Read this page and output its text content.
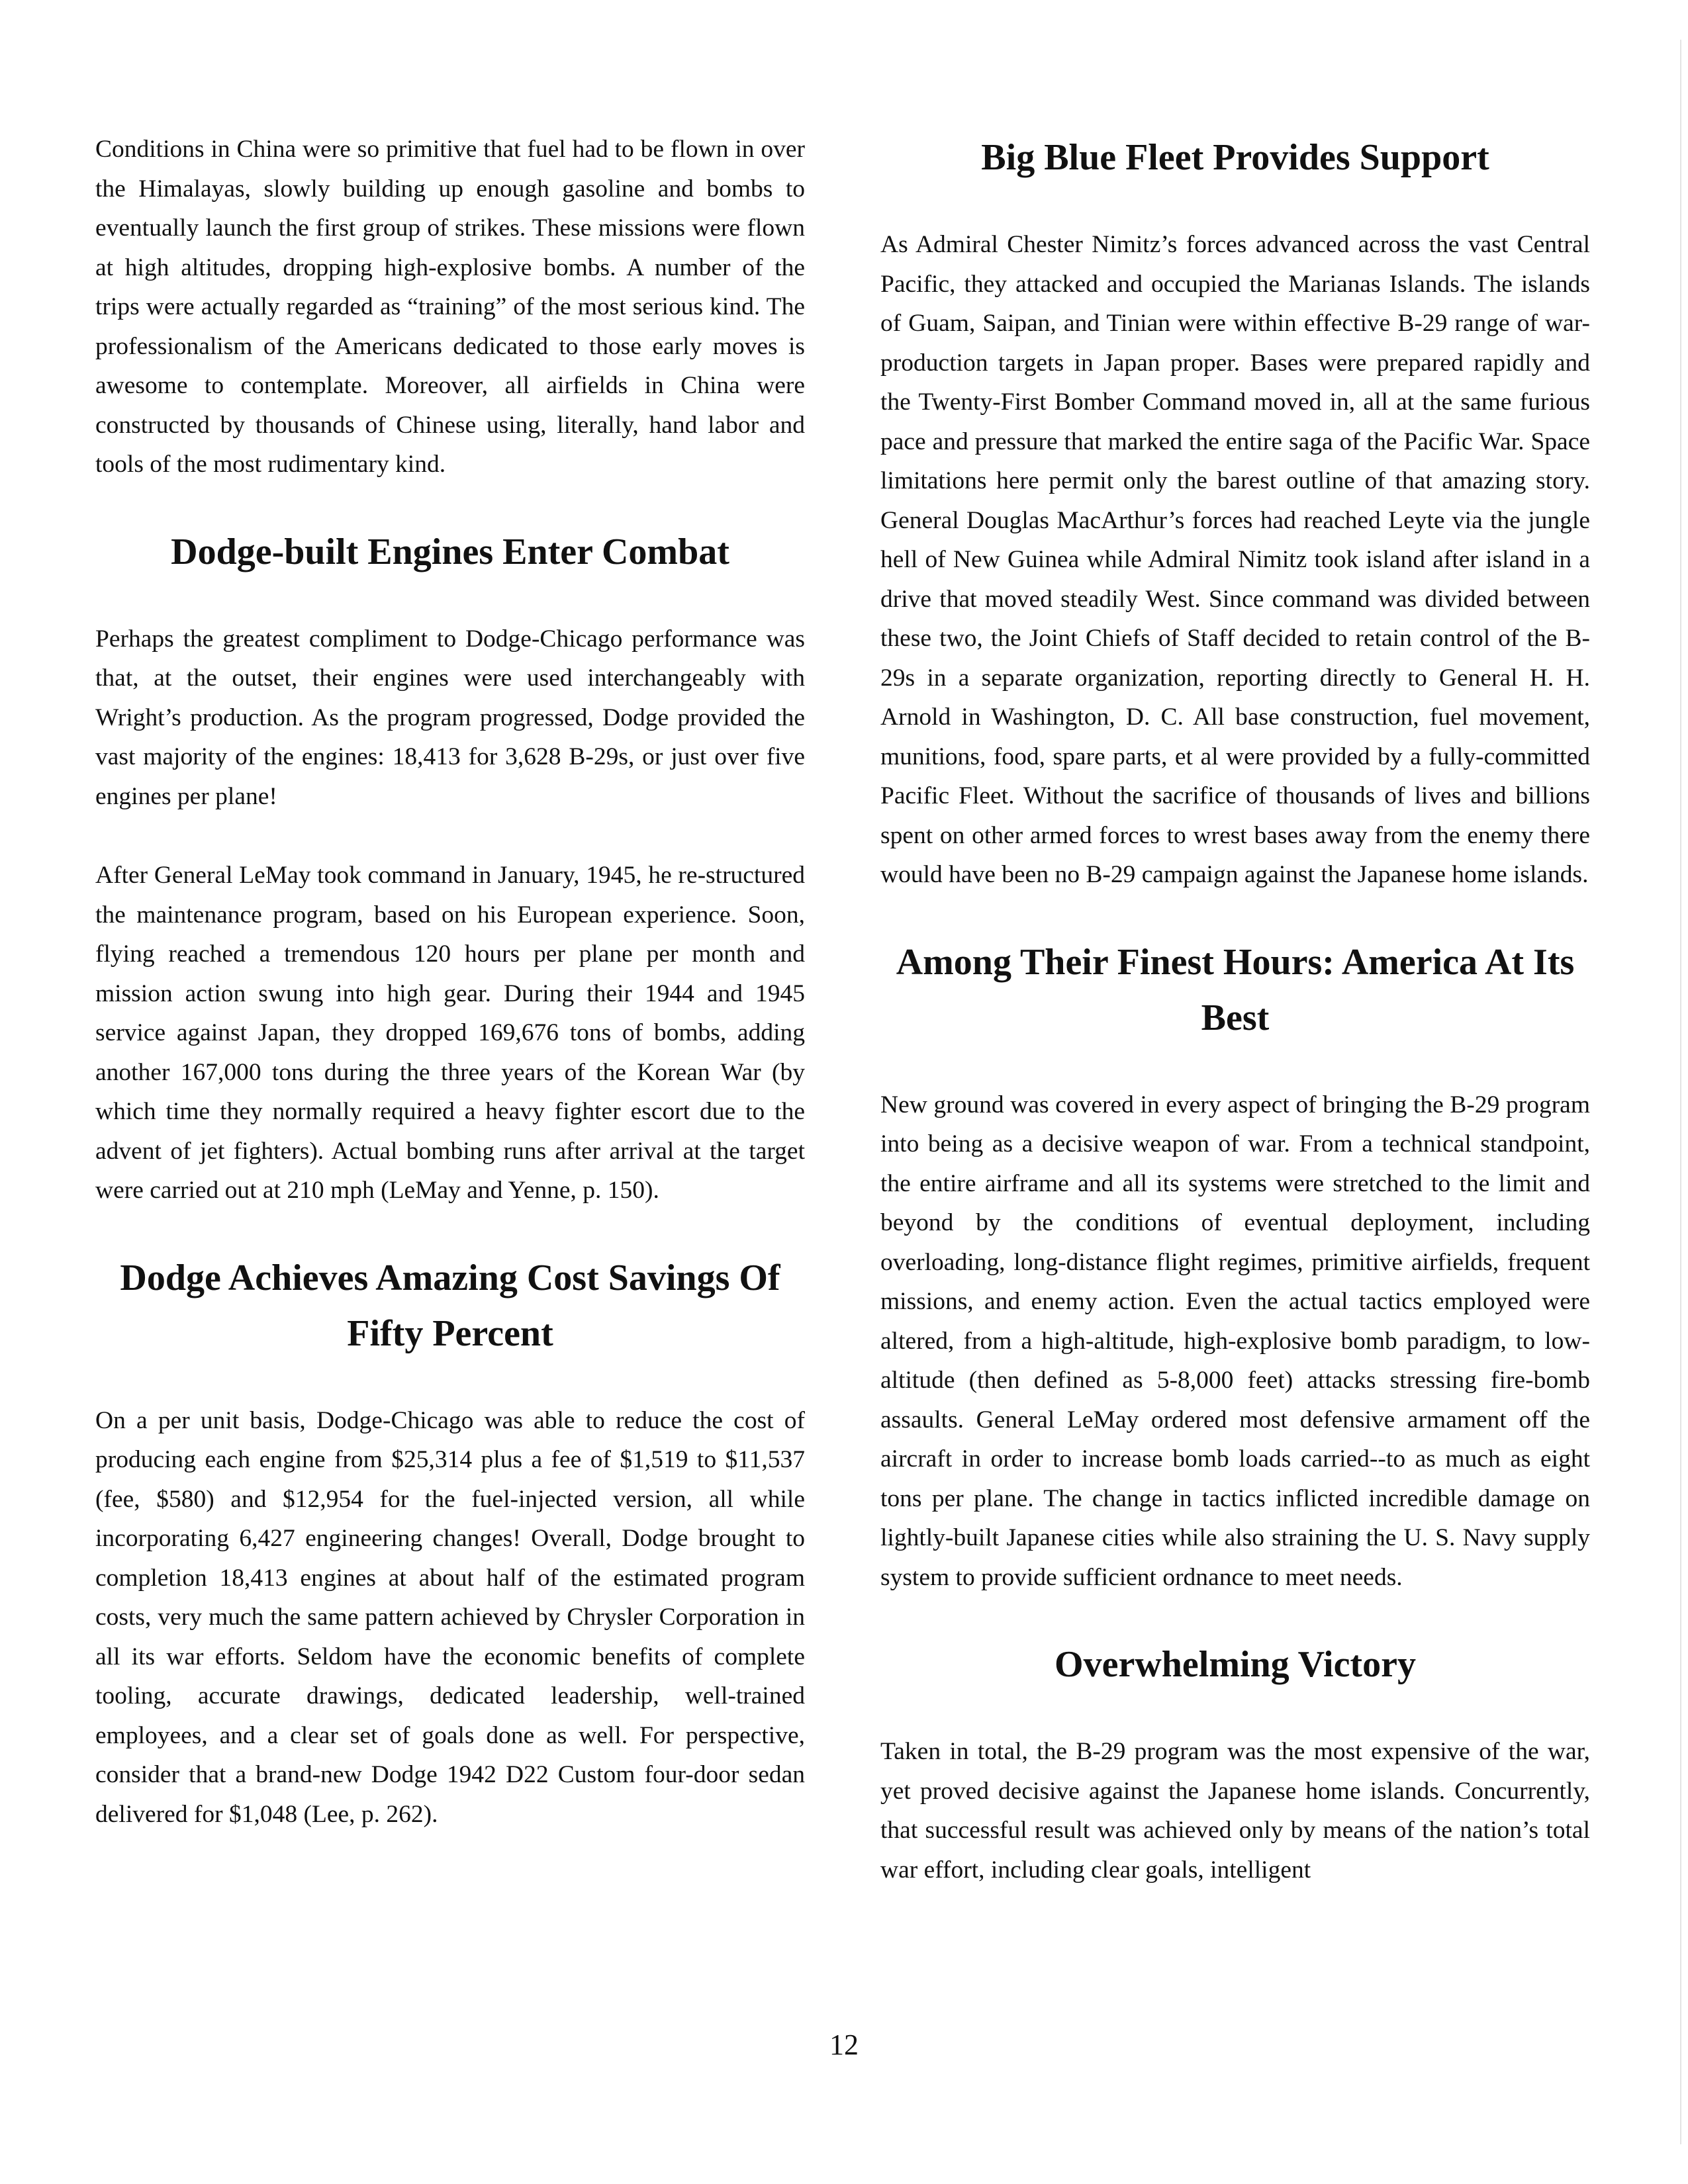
Conditions in China were so primitive that fuel had to be flown in over the Himalayas, slowly building up enough gasoline and bombs to eventually launch the first group of strikes. These missions were flown at high altitudes, dropping high-explosive bombs. A number of the trips were actually regarded as “training” of the most serious kind. The professionalism of the Americans dedicated to those early moves is awesome to contemplate. Moreover, all airfields in China were constructed by thousands of Chinese using, literally, hand labor and tools of the most rudimentary kind.

Dodge-built Engines Enter Combat

Perhaps the greatest compliment to Dodge-Chicago performance was that, at the outset, their engines were used interchangeably with Wright’s production. As the program progressed, Dodge provided the vast majority of the engines: 18,413 for 3,628 B-29s, or just over five engines per plane!

After General LeMay took command in January, 1945, he re-structured the maintenance program, based on his European experience. Soon, flying reached a tremendous 120 hours per plane per month and mission action swung into high gear. During their 1944 and 1945 service against Japan, they dropped 169,676 tons of bombs, adding another 167,000 tons during the three years of the Korean War (by which time they normally required a heavy fighter escort due to the advent of jet fighters). Actual bombing runs after arrival at the target were carried out at 210 mph (LeMay and Yenne, p. 150).

Dodge Achieves Amazing Cost Savings Of Fifty Percent

On a per unit basis, Dodge-Chicago was able to reduce the cost of producing each engine from $25,314 plus a fee of $1,519 to $11,537 (fee, $580) and $12,954 for the fuel-injected version, all while incorporating 6,427 engineering changes! Overall, Dodge brought to completion 18,413 engines at about half of the estimated program costs, very much the same pattern achieved by Chrysler Corporation in all its war efforts. Seldom have the economic benefits of complete tooling, accurate drawings, dedicated leadership, well-trained employees, and a clear set of goals done as well. For perspective, consider that a brand-new Dodge 1942 D22 Custom four-door sedan delivered for $1,048 (Lee, p. 262).

Big Blue Fleet Provides Support

As Admiral Chester Nimitz’s forces advanced across the vast Central Pacific, they attacked and occupied the Marianas Islands. The islands of Guam, Saipan, and Tinian were within effective B-29 range of war-production targets in Japan proper. Bases were prepared rapidly and the Twenty-First Bomber Command moved in, all at the same furious pace and pressure that marked the entire saga of the Pacific War. Space limitations here permit only the barest outline of that amazing story. General Douglas MacArthur’s forces had reached Leyte via the jungle hell of New Guinea while Admiral Nimitz took island after island in a drive that moved steadily West. Since command was divided between these two, the Joint Chiefs of Staff decided to retain control of the B-29s in a separate organization, reporting directly to General H. H. Arnold in Washington, D. C. All base construction, fuel movement, munitions, food, spare parts, et al were provided by a fully-committed Pacific Fleet. Without the sacrifice of thousands of lives and billions spent on other armed forces to wrest bases away from the enemy there would have been no B-29 campaign against the Japanese home islands.

Among Their Finest Hours: America At Its Best

New ground was covered in every aspect of bringing the B-29 program into being as a decisive weapon of war. From a technical standpoint, the entire airframe and all its systems were stretched to the limit and beyond by the conditions of eventual deployment, including overloading, long-distance flight regimes, primitive airfields, frequent missions, and enemy action. Even the actual tactics employed were altered, from a high-altitude, high-explosive bomb paradigm, to low-altitude (then defined as 5-8,000 feet) attacks stressing fire-bomb assaults. General LeMay ordered most defensive armament off the aircraft in order to increase bomb loads carried--to as much as eight tons per plane. The change in tactics inflicted incredible damage on lightly-built Japanese cities while also straining the U. S. Navy supply system to provide sufficient ordnance to meet needs.

Overwhelming Victory

Taken in total, the B-29 program was the most expensive of the war, yet proved decisive against the Japanese home islands. Concurrently, that successful result was achieved only by means of the nation’s total war effort, including clear goals, intelligent

12
